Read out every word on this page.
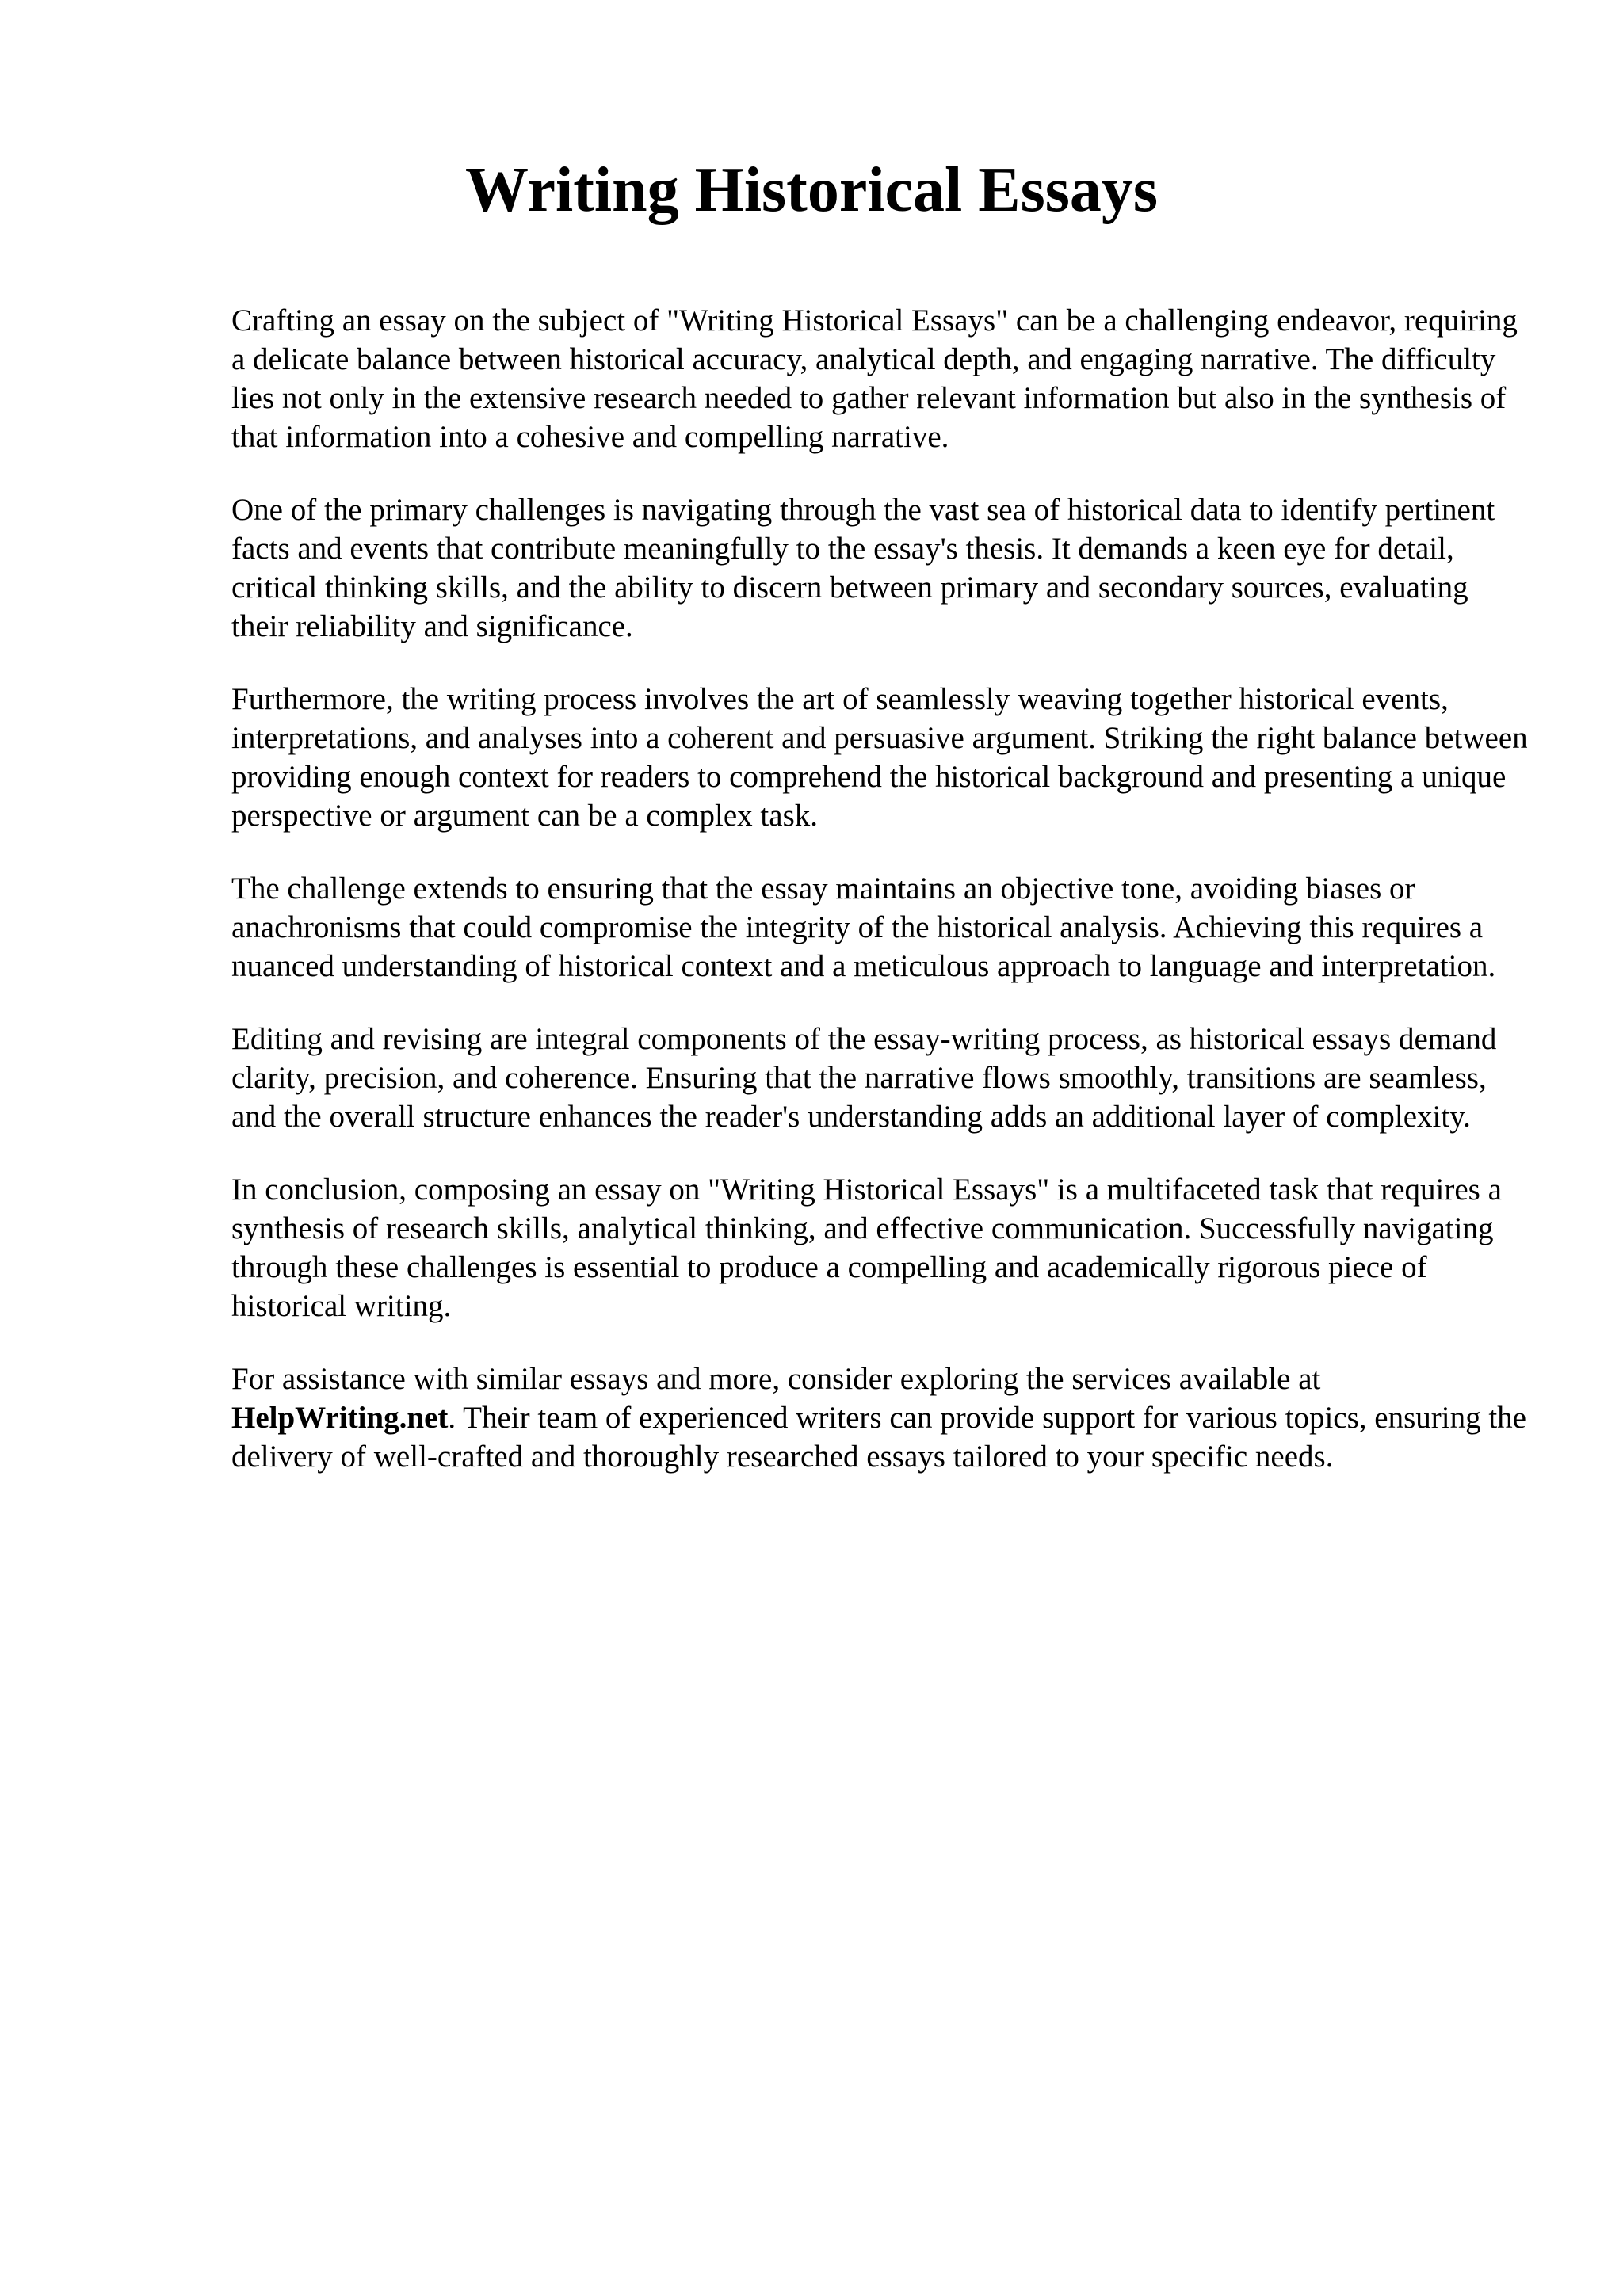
Writing Historical Essays

Crafting an essay on the subject of "Writing Historical Essays" can be a challenging endeavor, requiring a delicate balance between historical accuracy, analytical depth, and engaging narrative. The difficulty lies not only in the extensive research needed to gather relevant information but also in the synthesis of that information into a cohesive and compelling narrative.

One of the primary challenges is navigating through the vast sea of historical data to identify pertinent facts and events that contribute meaningfully to the essay's thesis. It demands a keen eye for detail, critical thinking skills, and the ability to discern between primary and secondary sources, evaluating their reliability and significance.

Furthermore, the writing process involves the art of seamlessly weaving together historical events, interpretations, and analyses into a coherent and persuasive argument. Striking the right balance between providing enough context for readers to comprehend the historical background and presenting a unique perspective or argument can be a complex task.

The challenge extends to ensuring that the essay maintains an objective tone, avoiding biases or anachronisms that could compromise the integrity of the historical analysis. Achieving this requires a nuanced understanding of historical context and a meticulous approach to language and interpretation.

Editing and revising are integral components of the essay-writing process, as historical essays demand clarity, precision, and coherence. Ensuring that the narrative flows smoothly, transitions are seamless, and the overall structure enhances the reader's understanding adds an additional layer of complexity.

In conclusion, composing an essay on "Writing Historical Essays" is a multifaceted task that requires a synthesis of research skills, analytical thinking, and effective communication. Successfully navigating through these challenges is essential to produce a compelling and academically rigorous piece of historical writing.

For assistance with similar essays and more, consider exploring the services available at HelpWriting.net. Their team of experienced writers can provide support for various topics, ensuring the delivery of well-crafted and thoroughly researched essays tailored to your specific needs.
